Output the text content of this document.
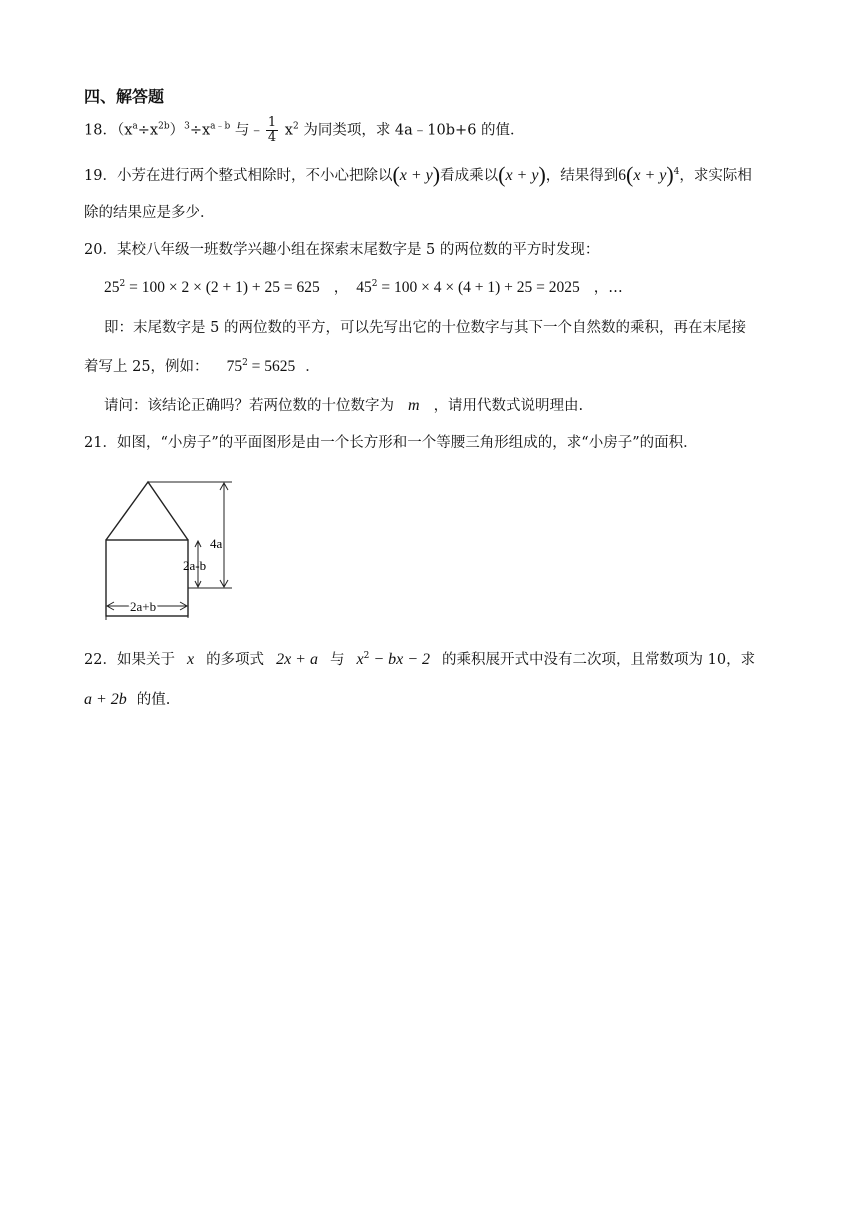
四、解答题
18．$(x^a\div x^{2b})^3\div x^{a﹣b}$ 与﹣ $\frac{1}{4} x^2$ 为同类项，求 4a﹣10b+6 的值．
19．小芳在进行两个整式相除时，不小心把除以(x + y)看成乘以(x + y)，结果得到$6(x + y)^4$，求实际相
除的结果应是多少．
20．某校八年级一班数学兴趣小组在探索末尾数字是 5 的两位数的平方时发现：
$25^2 = 100 \times 2 \times (2 + 1) + 25 = 625$ ， $45^2 = 100 \times 4 \times (4 + 1) + 25 = 2025$ ，…
即：末尾数字是 5 的两位数的平方，可以先写出它的十位数字与其下一个自然数的乘积，再在末尾接
着写上 25，例如： $75^2 = 5625$ ．
请问：该结论正确吗？若两位数的十位数字为 m ，请用代数式说明理由.
21．如图，“小房子”的平面图形是由一个长方形和一个等腰三角形组成的，求“小房子”的面积．
4a
2a-b
2a+b
22．如果关于 x 的多项式 2x + a 与 $x^2$ − bx − 2 的乘积展开式中没有二次项，且常数项为 10，求
a + 2b 的值.
